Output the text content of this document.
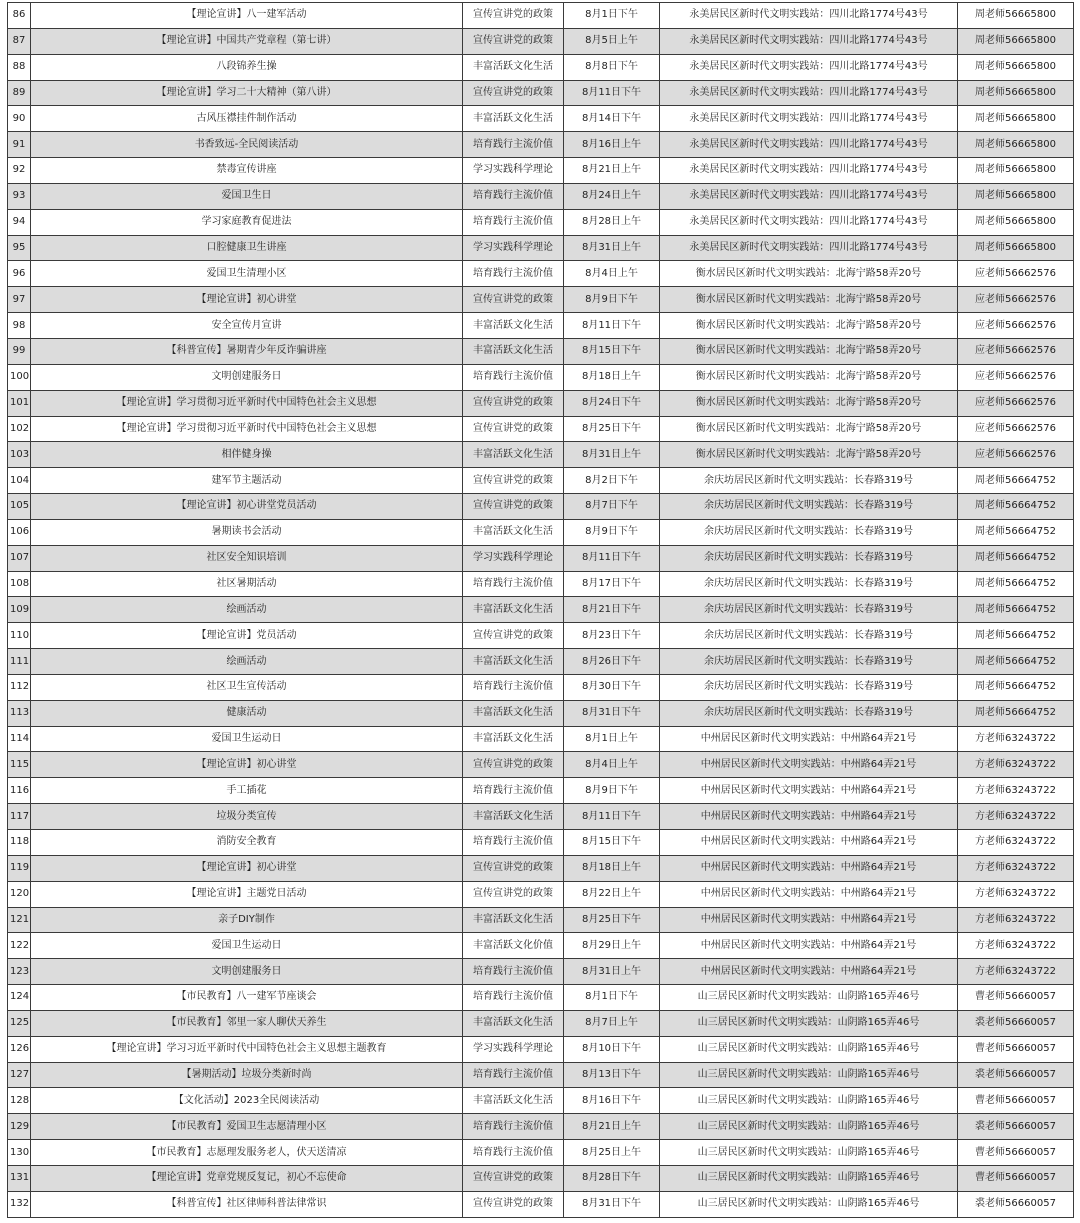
86	【理论宣讲】八一建军活动	宣传宣讲党的政策	8月1日下午	永美居民区新时代文明实践站：四川北路1774号43号	周老师56665800
87	【理论宣讲】中国共产党章程（第七讲）	宣传宣讲党的政策	8月5日上午	永美居民区新时代文明实践站：四川北路1774号43号	周老师56665800
88	八段锦养生操	丰富活跃文化生活	8月8日下午	永美居民区新时代文明实践站：四川北路1774号43号	周老师56665800
89	【理论宣讲】学习二十大精神（第八讲）	宣传宣讲党的政策	8月11日下午	永美居民区新时代文明实践站：四川北路1774号43号	周老师56665800
90	古风压襟挂件制作活动	丰富活跃文化生活	8月14日下午	永美居民区新时代文明实践站：四川北路1774号43号	周老师56665800
91	书香致远-全民阅读活动	培育践行主流价值	8月16日上午	永美居民区新时代文明实践站：四川北路1774号43号	周老师56665800
92	禁毒宣传讲座	学习实践科学理论	8月21日上午	永美居民区新时代文明实践站：四川北路1774号43号	周老师56665800
93	爱国卫生日	培育践行主流价值	8月24日上午	永美居民区新时代文明实践站：四川北路1774号43号	周老师56665800
94	学习家庭教育促进法	培育践行主流价值	8月28日上午	永美居民区新时代文明实践站：四川北路1774号43号	周老师56665800
95	口腔健康卫生讲座	学习实践科学理论	8月31日上午	永美居民区新时代文明实践站：四川北路1774号43号	周老师56665800
96	爱国卫生清理小区	培育践行主流价值	8月4日上午	衡水居民区新时代文明实践站：北海宁路58弄20号	应老师56662576
97	【理论宣讲】初心讲堂	宣传宣讲党的政策	8月9日下午	衡水居民区新时代文明实践站：北海宁路58弄20号	应老师56662576
98	安全宣传月宣讲	丰富活跃文化生活	8月11日下午	衡水居民区新时代文明实践站：北海宁路58弄20号	应老师56662576
99	【科普宣传】暑期青少年反诈骗讲座	丰富活跃文化生活	8月15日下午	衡水居民区新时代文明实践站：北海宁路58弄20号	应老师56662576
100	文明创建服务日	培育践行主流价值	8月18日上午	衡水居民区新时代文明实践站：北海宁路58弄20号	应老师56662576
101	【理论宣讲】学习贯彻习近平新时代中国特色社会主义思想	宣传宣讲党的政策	8月24日下午	衡水居民区新时代文明实践站：北海宁路58弄20号	应老师56662576
102	【理论宣讲】学习贯彻习近平新时代中国特色社会主义思想	宣传宣讲党的政策	8月25日下午	衡水居民区新时代文明实践站：北海宁路58弄20号	应老师56662576
103	相伴健身操	丰富活跃文化生活	8月31日上午	衡水居民区新时代文明实践站：北海宁路58弄20号	应老师56662576
104	建军节主题活动	宣传宣讲党的政策	8月2日下午	余庆坊居民区新时代文明实践站：长春路319号	周老师56664752
105	【理论宣讲】初心讲堂党员活动	宣传宣讲党的政策	8月7日下午	余庆坊居民区新时代文明实践站：长春路319号	周老师56664752
106	暑期读书会活动	丰富活跃文化生活	8月9日下午	余庆坊居民区新时代文明实践站：长春路319号	周老师56664752
107	社区安全知识培训	学习实践科学理论	8月11日下午	余庆坊居民区新时代文明实践站：长春路319号	周老师56664752
108	社区暑期活动	培育践行主流价值	8月17日下午	余庆坊居民区新时代文明实践站：长春路319号	周老师56664752
109	绘画活动	丰富活跃文化生活	8月21日下午	余庆坊居民区新时代文明实践站：长春路319号	周老师56664752
110	【理论宣讲】党员活动	宣传宣讲党的政策	8月23日下午	余庆坊居民区新时代文明实践站：长春路319号	周老师56664752
111	绘画活动	丰富活跃文化生活	8月26日下午	余庆坊居民区新时代文明实践站：长春路319号	周老师56664752
112	社区卫生宣传活动	培育践行主流价值	8月30日下午	余庆坊居民区新时代文明实践站：长春路319号	周老师56664752
113	健康活动	丰富活跃文化生活	8月31日下午	余庆坊居民区新时代文明实践站：长春路319号	周老师56664752
114	爱国卫生运动日	丰富活跃文化生活	8月1日上午	中州居民区新时代文明实践站：中州路64弄21号	方老师63243722
115	【理论宣讲】初心讲堂	宣传宣讲党的政策	8月4日上午	中州居民区新时代文明实践站：中州路64弄21号	方老师63243722
116	手工插花	培育践行主流价值	8月9日下午	中州居民区新时代文明实践站：中州路64弄21号	方老师63243722
117	垃圾分类宣传	丰富活跃文化生活	8月11日下午	中州居民区新时代文明实践站：中州路64弄21号	方老师63243722
118	消防安全教育	培育践行主流价值	8月15日下午	中州居民区新时代文明实践站：中州路64弄21号	方老师63243722
119	【理论宣讲】初心讲堂	宣传宣讲党的政策	8月18日上午	中州居民区新时代文明实践站：中州路64弄21号	方老师63243722
120	【理论宣讲】主题党日活动	宣传宣讲党的政策	8月22日上午	中州居民区新时代文明实践站：中州路64弄21号	方老师63243722
121	亲子DIY制作	丰富活跃文化生活	8月25日下午	中州居民区新时代文明实践站：中州路64弄21号	方老师63243722
122	爱国卫生运动日	丰富活跃文化价值	8月29日上午	中州居民区新时代文明实践站：中州路64弄21号	方老师63243722
123	文明创建服务日	培育践行主流价值	8月31日上午	中州居民区新时代文明实践站：中州路64弄21号	方老师63243722
124	【市民教育】八一建军节座谈会	培育践行主流价值	8月1日下午	山三居民区新时代文明实践站：山阴路165弄46号	曹老师56660057
125	【市民教育】邻里一家人聊伏天养生	丰富活跃文化生活	8月7日上午	山三居民区新时代文明实践站：山阴路165弄46号	裘老师56660057
126	【理论宣讲】学习习近平新时代中国特色社会主义思想主题教育	学习实践科学理论	8月10日下午	山三居民区新时代文明实践站：山阴路165弄46号	曹老师56660057
127	【暑期活动】垃圾分类新时尚	培育践行主流价值	8月13日下午	山三居民区新时代文明实践站：山阴路165弄46号	裘老师56660057
128	【文化活动】2023全民阅读活动	丰富活跃文化生活	8月16日下午	山三居民区新时代文明实践站：山阴路165弄46号	曹老师56660057
129	【市民教育】爱国卫生志愿清理小区	培育践行主流价值	8月21日上午	山三居民区新时代文明实践站：山阴路165弄46号	裘老师56660057
130	【市民教育】志愿理发服务老人，伏天送清凉	培育践行主流价值	8月25日上午	山三居民区新时代文明实践站：山阴路165弄46号	曹老师56660057
131	【理论宣讲】党章党规反复记，初心不忘使命	宣传宣讲党的政策	8月28日下午	山三居民区新时代文明实践站：山阴路165弄46号	曹老师56660057
132	【科普宣传】社区律师科普法律常识	宣传宣讲党的政策	8月31日下午	山三居民区新时代文明实践站：山阴路165弄46号	裘老师56660057
